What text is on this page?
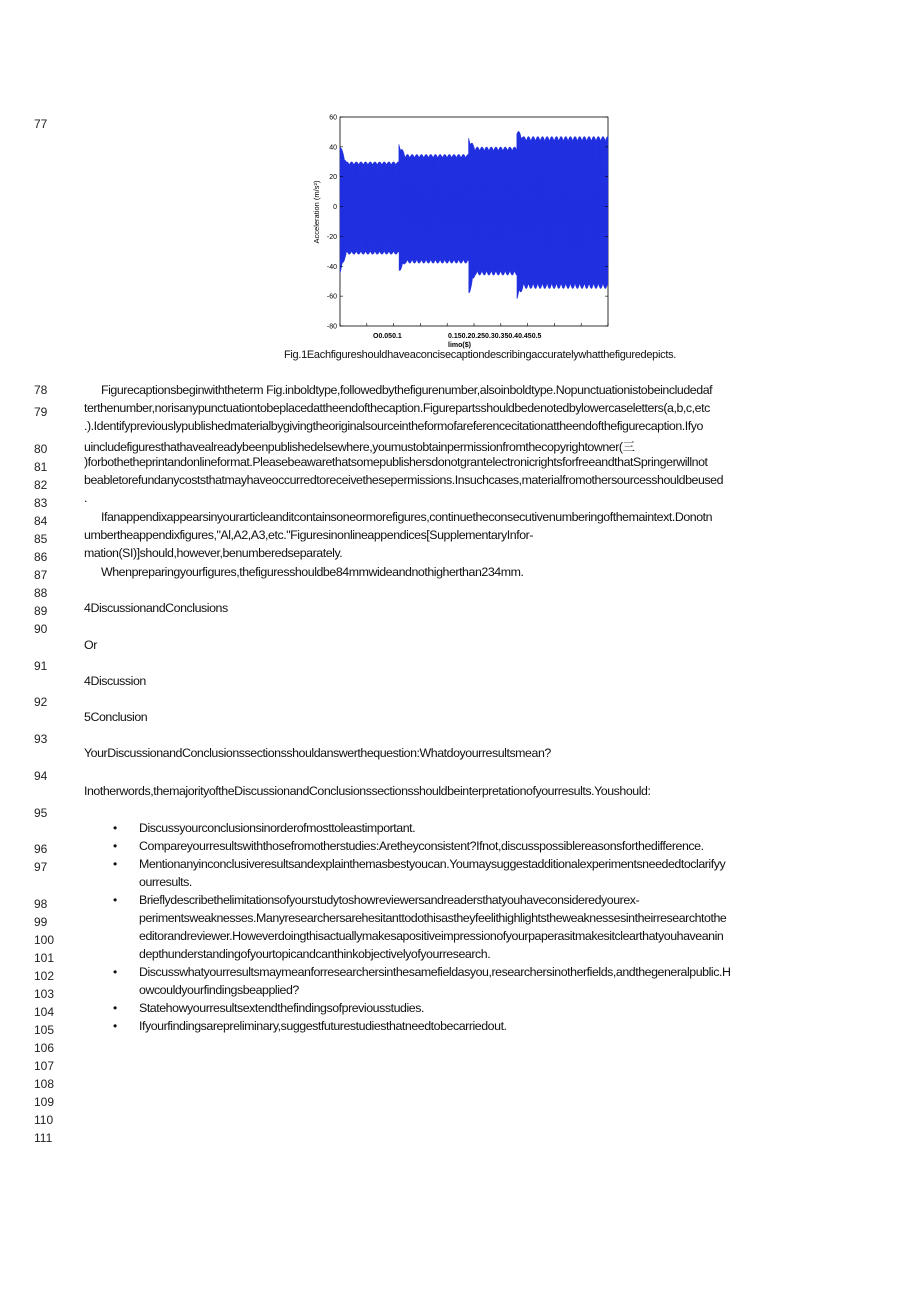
77
78
79
80
81
82
83
84
85
86
87
88
89
90
91
92
93
94
95
96
97
98
99
100
101
102
103
104
105
106
107
108
109
110
111
60
40
20
0
-20
-40
-60
-80
Acceleration (m/s²)
O0.050.1	0.150.20.250.30.350.40.450.5
limo($)
Fig.1Eachfigureshouldhaveaconcisecaptiondescribingaccuratelywhatthefiguredepicts.
Figurecaptionsbeginwiththeterm Fig.inboldtype,followedbythefigurenumber,alsoinboldtype.Nopunctuationistobeincludedaf
terthenumber,norisanypunctuationtobeplacedattheendofthecaption.Figurepartsshouldbedenotedbylowercaseletters(a,b,c,etc
.).Identifypreviouslypublishedmaterialbygivingtheoriginalsourceintheformofareferencecitationattheendofthefigurecaption.Ifyo
uincludefiguresthathavealreadybeenpublishedelsewhere,youmustobtainpermissionfromthecopyrightowner(三
)forbothetheprintandonlineformat.PleasebeawarethatsomepublishersdonotgrantelectronicrightsforfreeandthatSpringerwillnot
beabletorefundanycoststhatmayhaveoccurredtoreceivethesepermissions.Insuchcases,materialfromothersourcesshouldbeused
.
Ifanappendixappearsinyourarticleanditcontainsoneormorefigures,continuetheconsecutivenumberingofthemaintext.Donotn
umbertheappendixfigures,"Al,A2,A3,etc."Figuresinonlineappendices[SupplementaryInfor-
mation(SI)]should,however,benumberedseparately.
Whenpreparingyourfigures,thefiguresshouldbe84mmwideandnothigherthan234mm.
4DiscussionandConclusions
Or
4Discussion
5Conclusion
YourDiscussionandConclusionssectionsshouldanswerthequestion:Whatdoyourresultsmean?
Inotherwords,themajorityoftheDiscussionandConclusionssectionsshouldbeinterpretationofyourresults.Youshould:
• Discussyourconclusionsinorderofmosttoleastimportant.
• Compareyourresultswiththosefromotherstudies:Aretheyconsistent?Ifnot,discusspossiblereasonsforthedifference.
• Mentionanyinconclusiveresultsandexplainthemasbestyoucan.Youmaysuggestadditionalexperimentsneededtoclarifyy
ourresults.
• Brieflydescribethelimitationsofyourstudytoshowreviewersandreadersthatyouhaveconsideredyourex-
perimentsweaknesses.Manyresearchersarehesitanttodothisastheyfeelithighlightstheweaknessesintheirresearchtothe
editorandreviewer.Howeverdoingthisactuallymakesapositiveimpressionofyourpaperasitmakesitclearthatyouhaveanin
depthunderstandingofyourtopicandcanthinkobjectivelyofyourresearch.
• Discusswhatyourresultsmaymeanforresearchersinthesamefieldasyou,researchersinotherfields,andthegeneralpublic.H
owcouldyourfindingsbeapplied?
• Statehowyourresultsextendthefindingsofpreviousstudies.
• Ifyourfindingsarepreliminary,suggestfuturestudiesthatneedtobecarriedout.
